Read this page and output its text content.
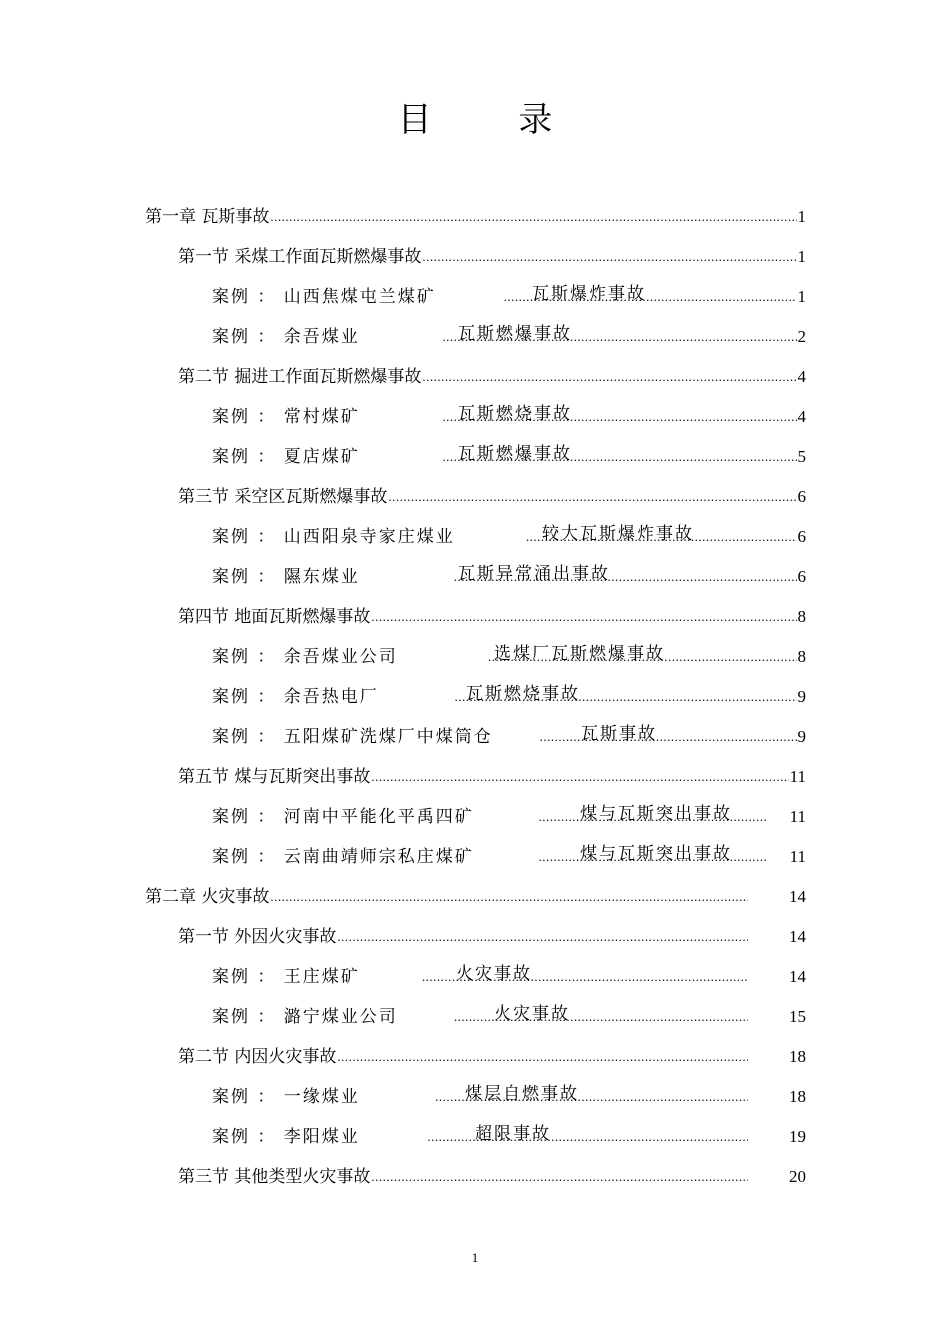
目 录
第一章 瓦斯事故 .....	1
第一节 采煤工作面瓦斯燃爆事故 .....	1
案例 ： 山西焦煤屯兰煤矿	瓦斯爆炸事故 .....	1
案例 ： 余吾煤业	瓦斯燃爆事故 .....	2
第二节 掘进工作面瓦斯燃爆事故 .....	4
案例 ： 常村煤矿	瓦斯燃烧事故 .....	4
案例 ： 夏店煤矿	瓦斯燃爆事故 .....	5
第三节 采空区瓦斯燃爆事故 .....	6
案例 ： 山西阳泉寺家庄煤业	较大瓦斯爆炸事故 .....	6
案例 ： 隰东煤业	瓦斯异常涌出事故 .....	6
第四节 地面瓦斯燃爆事故 .....	8
案例 ： 余吾煤业公司	选煤厂瓦斯燃爆事故 .....	8
案例 ： 余吾热电厂	瓦斯燃烧事故 .....	9
案例 ： 五阳煤矿洗煤厂中煤筒仓	瓦斯事故 .....	9
第五节 煤与瓦斯突出事故 .....	11
案例 ： 河南中平能化平禹四矿	煤与瓦斯突出事故 .....	11
案例 ： 云南曲靖师宗私庄煤矿	煤与瓦斯突出事故 .....	11
第二章 火灾事故 .....	14
第一节 外因火灾事故 .....	14
案例 ： 王庄煤矿	火灾事故 .....	14
案例 ： 潞宁煤业公司	火灾事故 .....	15
第二节 内因火灾事故 .....	18
案例 ： 一缘煤业	煤层自燃事故 .....	18
案例 ： 李阳煤业	超限事故 .....	19
第三节 其他类型火灾事故 .....	20
1
